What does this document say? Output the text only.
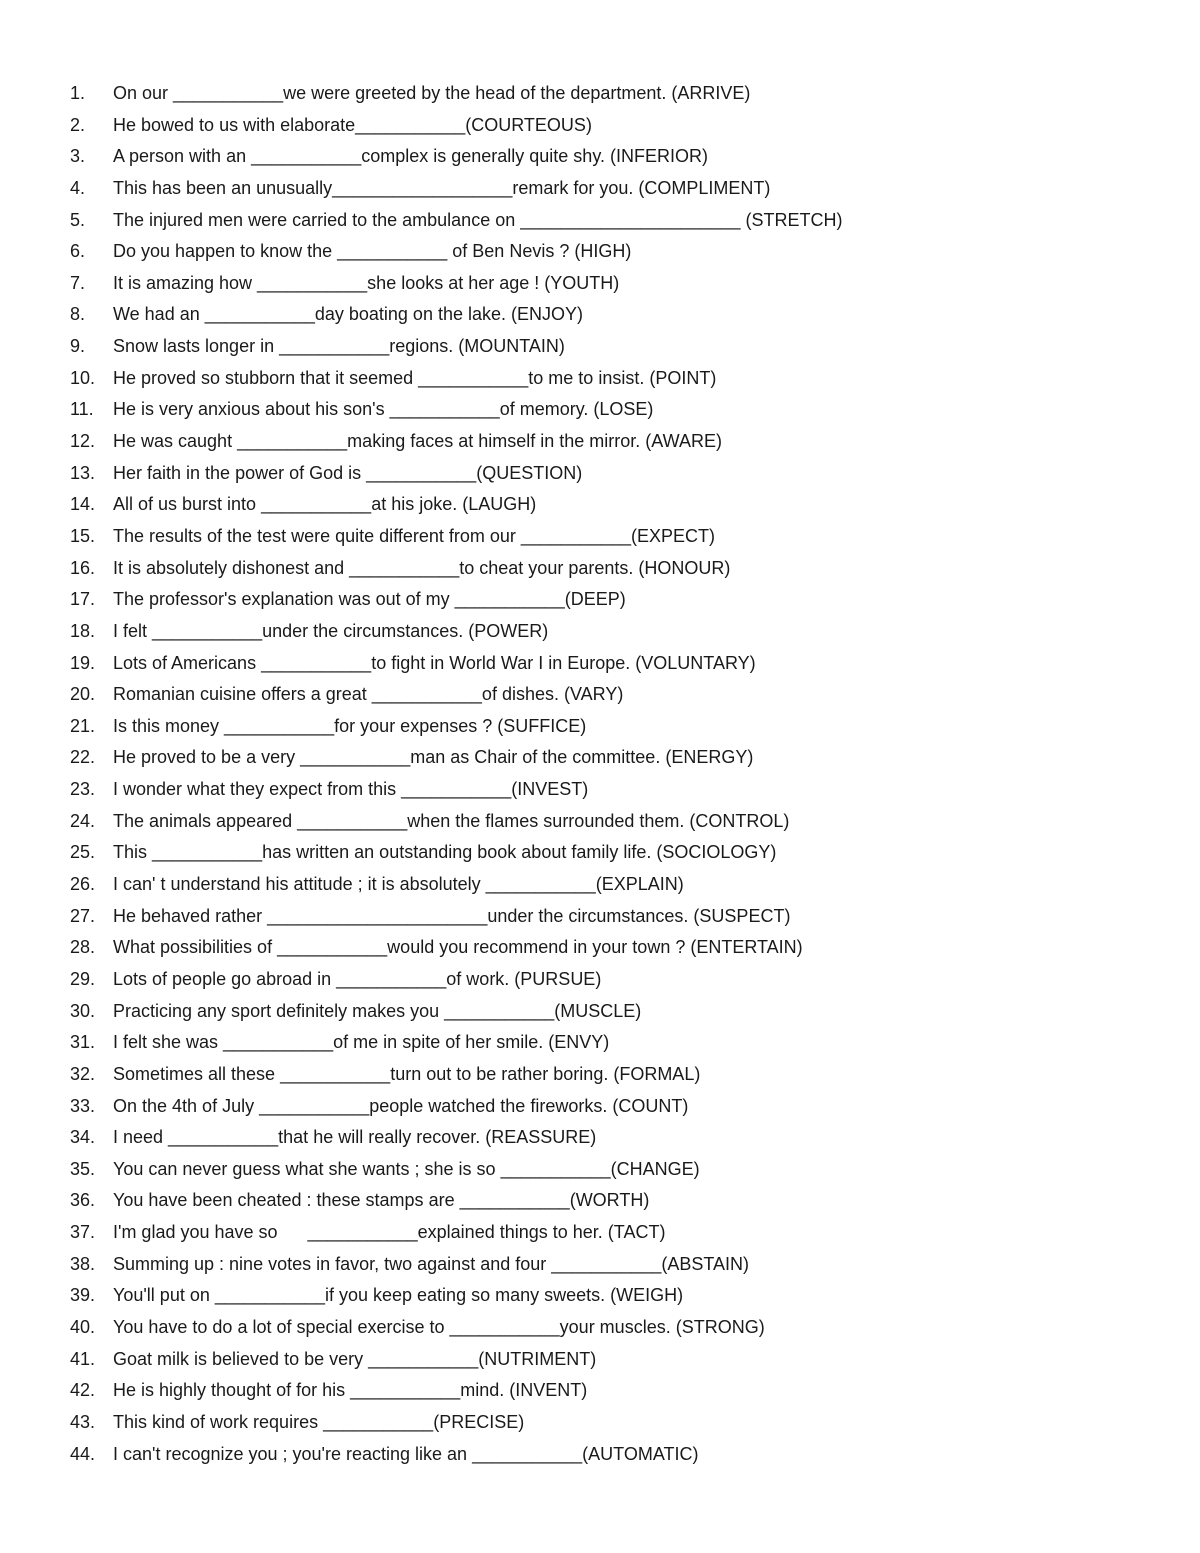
1.	On our ___________we were greeted by the head of the department. (ARRIVE)
2.	He bowed to us with elaborate___________(COURTEOUS)
3.	A person with an ___________complex is generally quite shy. (INFERIOR)
4.	This has been an unusually__________________remark for you. (COMPLIMENT)
5.	The injured men were carried to the ambulance on ______________________ (STRETCH)
6.	Do you happen to know the ___________ of Ben Nevis ? (HIGH)
7.	It is amazing how ___________she looks at her age ! (YOUTH)
8.	We had an ___________day boating on the lake. (ENJOY)
9.	Snow lasts longer in ___________regions. (MOUNTAIN)
10. He proved so stubborn that it seemed ___________to me to insist. (POINT)
11.	He is very anxious about his son's ___________of memory. (LOSE)
12. He was caught ___________making faces at himself in the mirror. (AWARE)
13. Her faith in the power of God is ___________(QUESTION)
14. All of us burst into ___________at his joke. (LAUGH)
15. The results of the test were quite different from our ___________(EXPECT)
16. It is absolutely dishonest and ___________to cheat your parents. (HONOUR)
17. The professor's explanation was out of my ___________(DEEP)
18. I felt ___________under the circumstances. (POWER)
19. Lots of Americans ___________to fight in World War I in Europe. (VOLUNTARY)
20. Romanian cuisine offers a great ___________of dishes. (VARY)
21. Is this money ___________for your expenses ? (SUFFICE)
22. He proved to be a very ___________man as Chair of the committee. (ENERGY)
23. I wonder what they expect from this ___________(INVEST)
24. The animals appeared ___________when the flames surrounded them. (CONTROL)
25. This ___________has written an outstanding book about family life. (SOCIOLOGY)
26. I can' t understand his attitude ; it is absolutely ___________(EXPLAIN)
27. He behaved rather ______________________under the circumstances. (SUSPECT)
28. What possibilities of ___________would you recommend in your town ? (ENTERTAIN)
29. Lots of people go abroad in ___________of work. (PURSUE)
30. Practicing any sport definitely makes you ___________(MUSCLE)
31. I felt she was ___________of me in spite of her smile. (ENVY)
32. Sometimes all these ___________turn out to be rather boring. (FORMAL)
33. On the 4th of July ___________people watched the fireworks. (COUNT)
34. I need ___________that he will really recover. (REASSURE)
35. You can never guess what she wants ; she is so ___________(CHANGE)
36. You have been cheated : these stamps are ___________(WORTH)
37. I'm glad you have so      ___________explained things to her. (TACT)
38. Summing up : nine votes in favor, two against and four ___________(ABSTAIN)
39. You'll put on ___________if you keep eating so many sweets. (WEIGH)
40. You have to do a lot of special exercise to ___________your muscles. (STRONG)
41. Goat milk is believed to be very ___________(NUTRIMENT)
42. He is highly thought of for his ___________mind. (INVENT)
43. This kind of work requires ___________(PRECISE)
44. I can't recognize you ; you're reacting like an ___________(AUTOMATIC)
